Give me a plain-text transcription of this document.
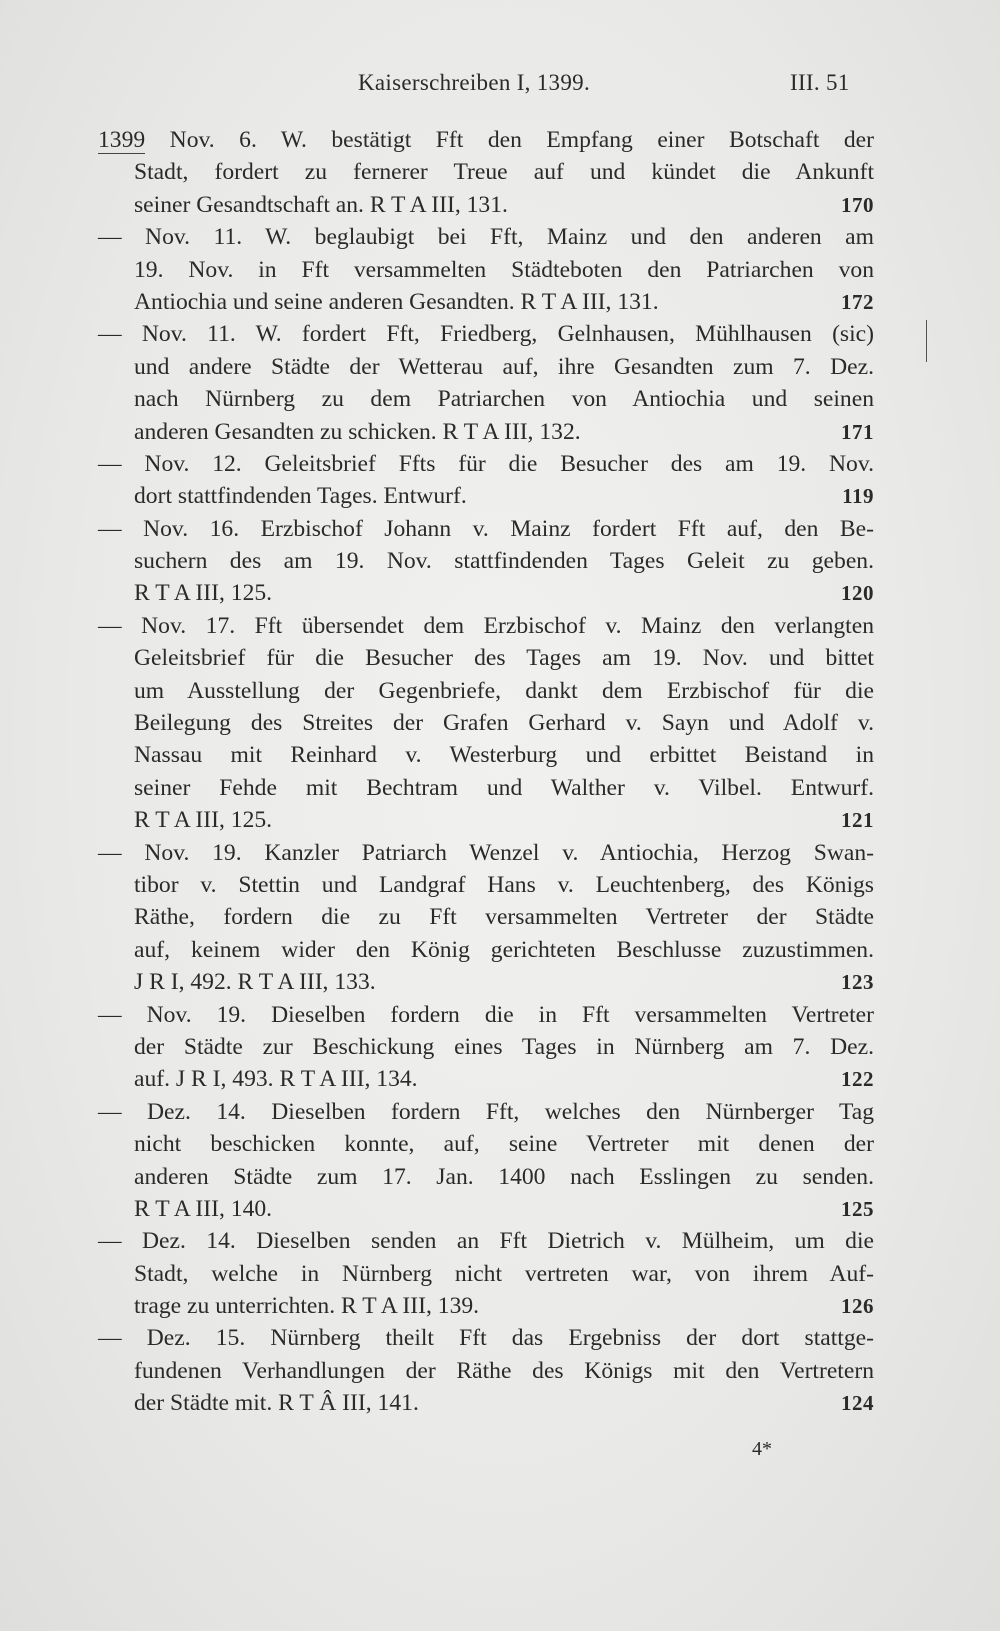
Kaiserschreiben I, 1399.	III. 51
1399 Nov. 6. W. bestätigt Fft den Empfang einer Botschaft der
Stadt, fordert zu fernerer Treue auf und kündet die Ankunft
seiner Gesandtschaft an. R T A III, 131.	170
— Nov. 11. W. beglaubigt bei Fft, Mainz und den anderen am
19. Nov. in Fft versammelten Städteboten den Patriarchen von
Antiochia und seine anderen Gesandten. R T A III, 131.	172
— Nov. 11. W. fordert Fft, Friedberg, Gelnhausen, Mühlhausen (sic)
und andere Städte der Wetterau auf, ihre Gesandten zum 7. Dez.
nach Nürnberg zu dem Patriarchen von Antiochia und seinen
anderen Gesandten zu schicken. R T A III, 132.	171
— Nov. 12. Geleitsbrief Ffts für die Besucher des am 19. Nov.
dort stattfindenden Tages. Entwurf.	119
— Nov. 16. Erzbischof Johann v. Mainz fordert Fft auf, den Be-
suchern des am 19. Nov. stattfindenden Tages Geleit zu geben.
R T A III, 125.	120
— Nov. 17. Fft übersendet dem Erzbischof v. Mainz den verlangten
Geleitsbrief für die Besucher des Tages am 19. Nov. und bittet
um Ausstellung der Gegenbriefe, dankt dem Erzbischof für die
Beilegung des Streites der Grafen Gerhard v. Sayn und Adolf v.
Nassau mit Reinhard v. Westerburg und erbittet Beistand in
seiner Fehde mit Bechtram und Walther v. Vilbel. Entwurf.
R T A III, 125.	121
— Nov. 19. Kanzler Patriarch Wenzel v. Antiochia, Herzog Swan-
tibor v. Stettin und Landgraf Hans v. Leuchtenberg, des Königs
Räthe, fordern die zu Fft versammelten Vertreter der Städte
auf, keinem wider den König gerichteten Beschlusse zuzustimmen.
J R I, 492. R T A III, 133.	123
— Nov. 19. Dieselben fordern die in Fft versammelten Vertreter
der Städte zur Beschickung eines Tages in Nürnberg am 7. Dez.
auf. J R I, 493. R T A III, 134.	122
— Dez. 14. Dieselben fordern Fft, welches den Nürnberger Tag
nicht beschicken konnte, auf, seine Vertreter mit denen der
anderen Städte zum 17. Jan. 1400 nach Esslingen zu senden.
R T A III, 140.	125
— Dez. 14. Dieselben senden an Fft Dietrich v. Mülheim, um die
Stadt, welche in Nürnberg nicht vertreten war, von ihrem Auf-
trage zu unterrichten. R T A III, 139.	126
— Dez. 15. Nürnberg theilt Fft das Ergebniss der dort stattge-
fundenen Verhandlungen der Räthe des Königs mit den Vertretern
der Städte mit. R T Â III, 141.	124
4*
